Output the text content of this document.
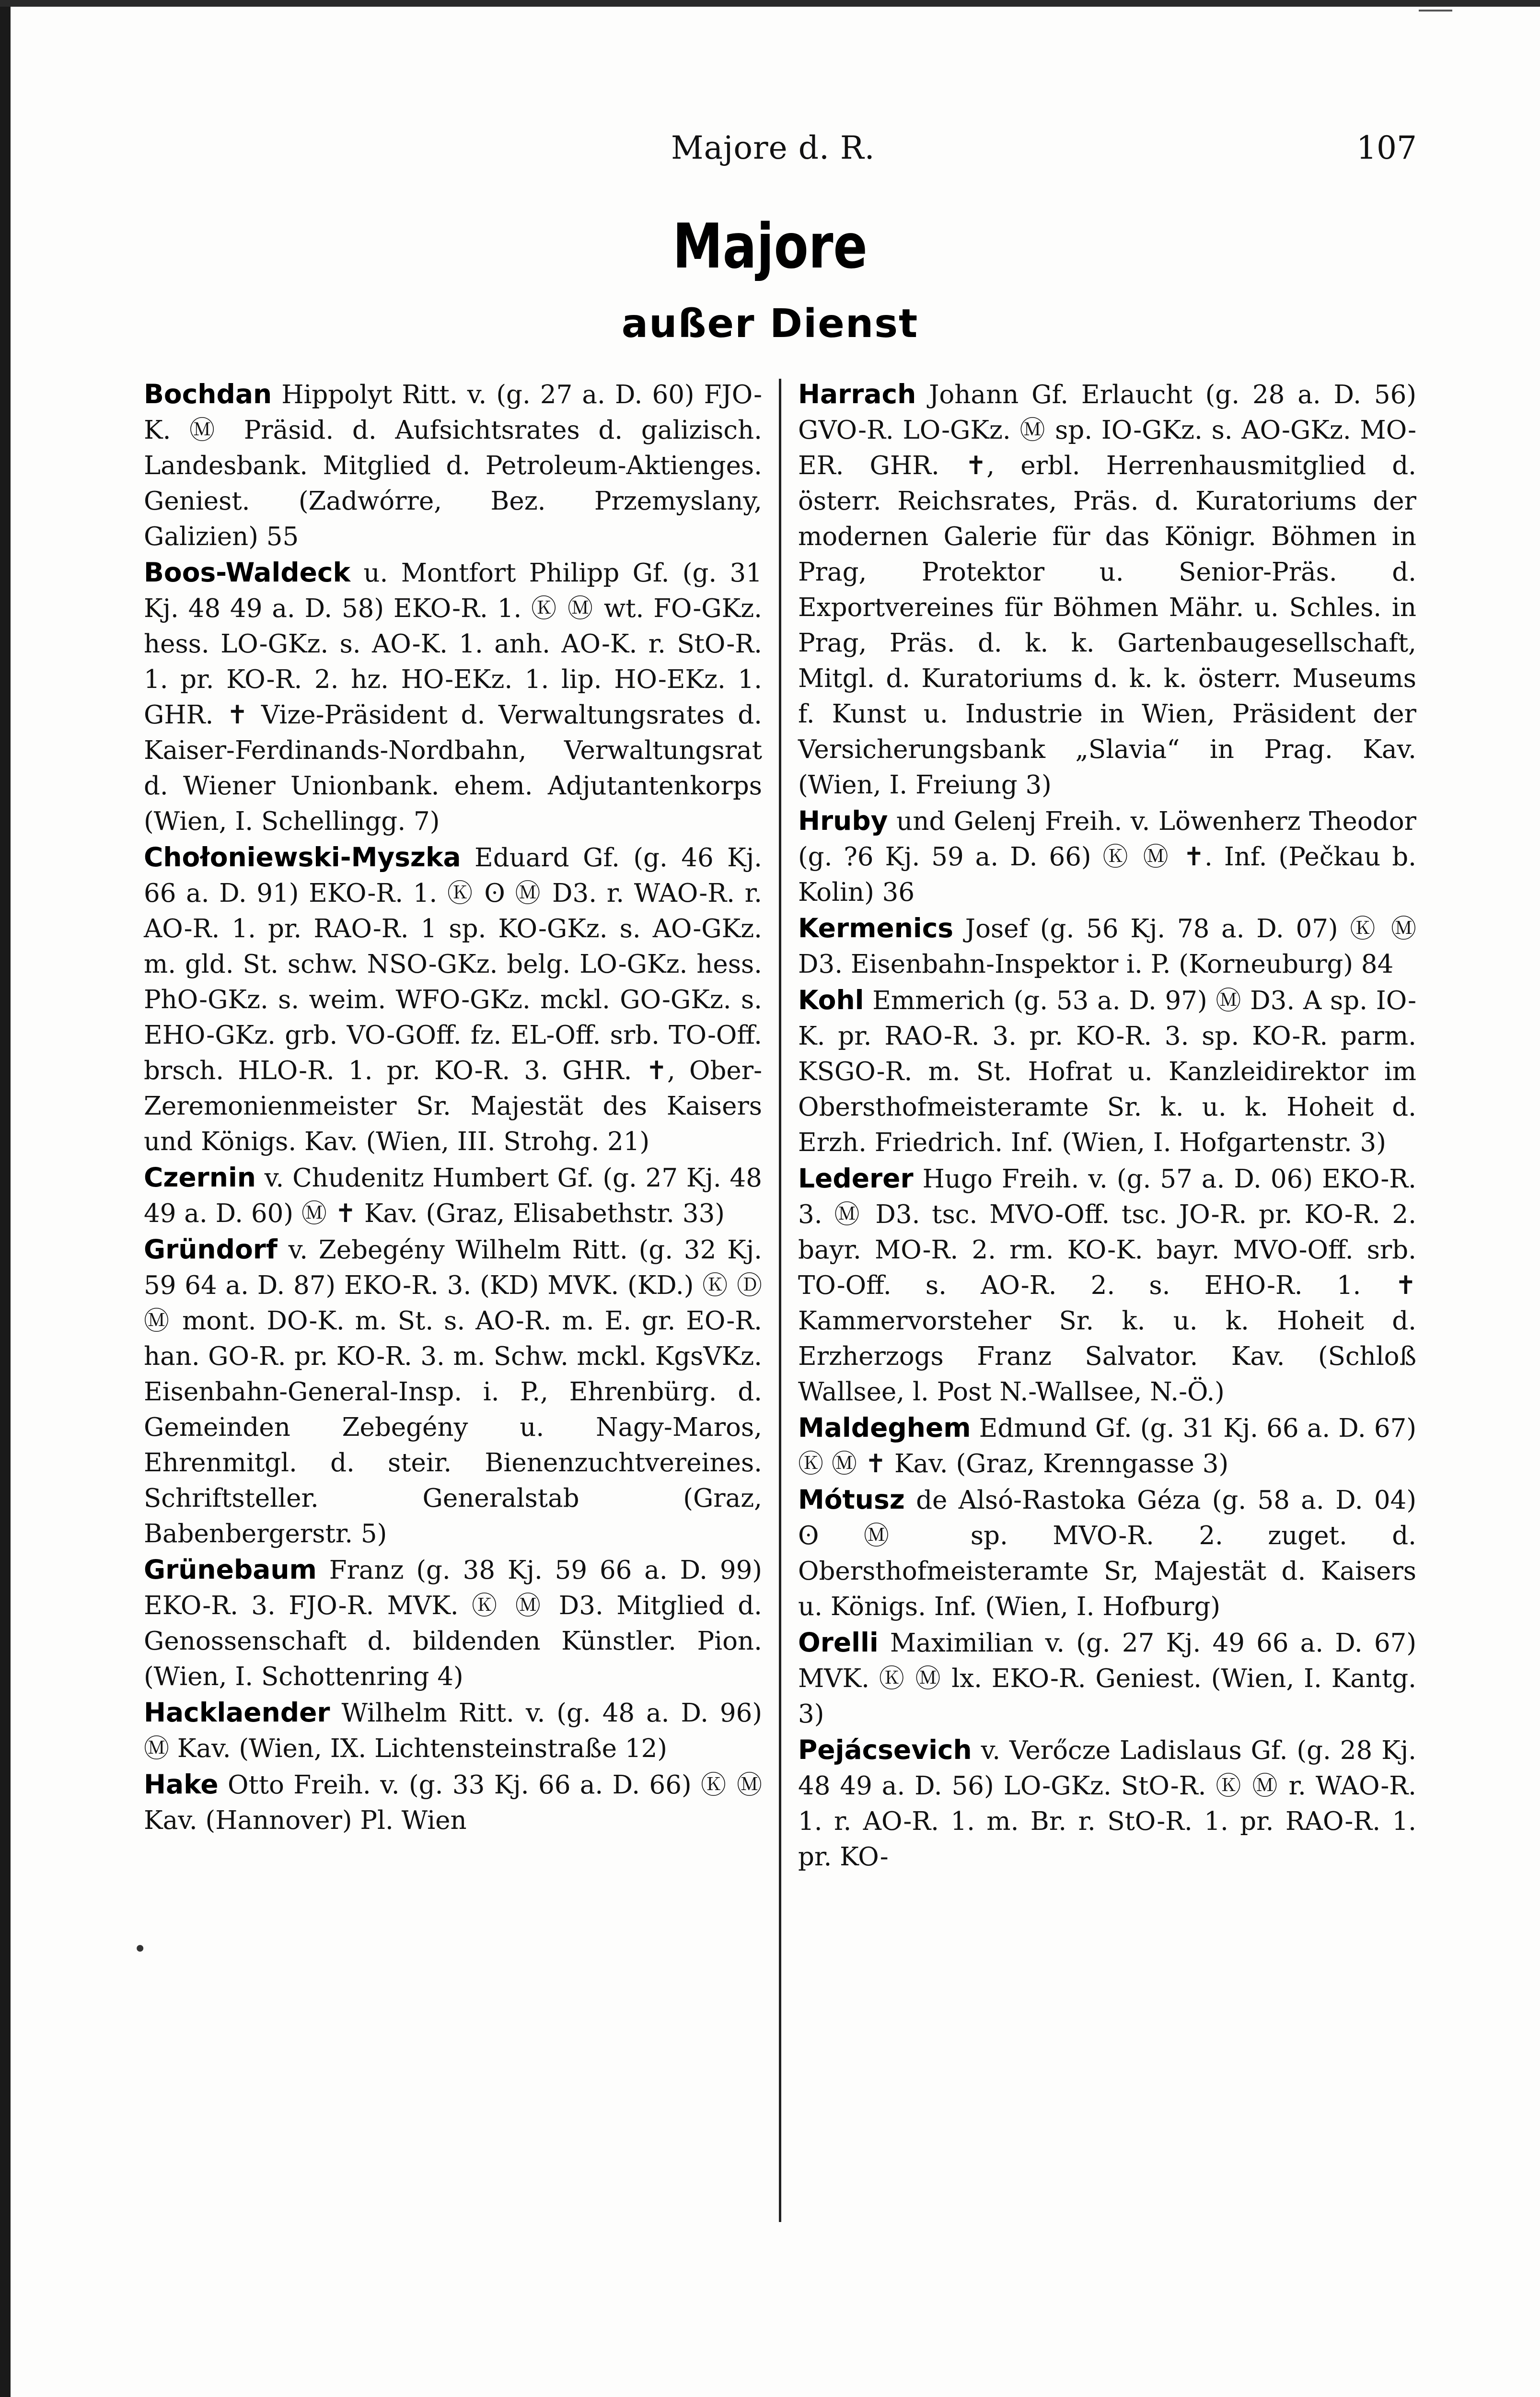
Majore d. R.	107
Majore
außer Dienst

Bochdan Hippolyt Ritt. v. (g. 27 a. D. 60) FJO-K. Ⓜ Präsid. d. Aufsichtsrates d. galizisch. Landesbank. Mitglied d. Petroleum-Aktienges. Geniest. (Zadwórre, Bez. Przemyslany, Galizien) 55

Boos-Waldeck u. Montfort Philipp Gf. (g. 31 Kj. 48 49 a. D. 58) EKO-R. 1. Ⓚ Ⓜ wt. FO-GKz. hess. LO-GKz. s. AO-K. 1. anh. AO-K. r. StO-R. 1. pr. KO-R. 2. hz. HO-EKz. 1. lip. HO-EKz. 1. GHR. ✝ Vize-Präsident d. Verwaltungsrates d. Kaiser-Ferdinands-Nordbahn, Verwaltungsrat d. Wiener Unionbank. ehem. Adjutantenkorps (Wien, I. Schellingg. 7)

Chołoniewski-Myszka Eduard Gf. (g. 46 Kj. 66 a. D. 91) EKO-R. 1. Ⓚ ʘ Ⓜ D3. r. WAO-R. r. AO-R. 1. pr. RAO-R. 1 sp. KO-GKz. s. AO-GKz. m. gld. St. schw. NSO-GKz. belg. LO-GKz. hess. PhO-GKz. s. weim. WFO-GKz. mckl. GO-GKz. s. EHO-GKz. grb. VO-GOff. fz. EL-Off. srb. TO-Off. brsch. HLO-R. 1. pr. KO-R. 3. GHR. ✝, Ober-Zeremonienmeister Sr. Majestät des Kaisers und Königs. Kav. (Wien, III. Strohg. 21)

Czernin v. Chudenitz Humbert Gf. (g. 27 Kj. 48 49 a. D. 60) Ⓜ ✝ Kav. (Graz, Elisabethstr. 33)

Gründorf v. Zebegény Wilhelm Ritt. (g. 32 Kj. 59 64 a. D. 87) EKO-R. 3. (KD) MVK. (KD.) Ⓚ Ⓓ Ⓜ mont. DO-K. m. St. s. AO-R. m. E. gr. EO-R. han. GO-R. pr. KO-R. 3. m. Schw. mckl. KgsVKz. Eisenbahn-General-Insp. i. P., Ehrenbürg. d. Gemeinden Zebegény u. Nagy-Maros, Ehrenmitgl. d. steir. Bienenzuchtvereines. Schriftsteller. Generalstab (Graz, Babenbergerstr. 5)

Grünebaum Franz (g. 38 Kj. 59 66 a. D. 99) EKO-R. 3. FJO-R. MVK. Ⓚ Ⓜ D3. Mitglied d. Genossenschaft d. bildenden Künstler. Pion. (Wien, I. Schottenring 4)

Hacklaender Wilhelm Ritt. v. (g. 48 a. D. 96) Ⓜ Kav. (Wien, IX. Lichtensteinstraße 12)

Hake Otto Freih. v. (g. 33 Kj. 66 a. D. 66) Ⓚ Ⓜ Kav. (Hannover) Pl. Wien

Harrach Johann Gf. Erlaucht (g. 28 a. D. 56) GVO-R. LO-GKz. Ⓜ sp. IO-GKz. s. AO-GKz. MO-ER. GHR. ✝, erbl. Herrenhausmitglied d. österr. Reichsrates, Präs. d. Kuratoriums der modernen Galerie für das Königr. Böhmen in Prag, Protektor u. Senior-Präs. d. Exportvereines für Böhmen Mähr. u. Schles. in Prag, Präs. d. k. k. Gartenbaugesellschaft, Mitgl. d. Kuratoriums d. k. k. österr. Museums f. Kunst u. Industrie in Wien, Präsident der Versicherungsbank „Slavia“ in Prag. Kav. (Wien, I. Freiung 3)

Hruby und Gelenj Freih. v. Löwenherz Theodor (g. ?6 Kj. 59 a. D. 66) Ⓚ Ⓜ ✝. Inf. (Pečkau b. Kolin) 36

Kermenics Josef (g. 56 Kj. 78 a. D. 07) Ⓚ Ⓜ D3. Eisenbahn-Inspektor i. P. (Korneuburg) 84

Kohl Emmerich (g. 53 a. D. 97) Ⓜ D3. A sp. IO-K. pr. RAO-R. 3. pr. KO-R. 3. sp. KO-R. parm. KSGO-R. m. St. Hofrat u. Kanzleidirektor im Obersthofmeisteramte Sr. k. u. k. Hoheit d. Erzh. Friedrich. Inf. (Wien, I. Hofgartenstr. 3)

Lederer Hugo Freih. v. (g. 57 a. D. 06) EKO-R. 3. Ⓜ D3. tsc. MVO-Off. tsc. JO-R. pr. KO-R. 2. bayr. MO-R. 2. rm. KO-K. bayr. MVO-Off. srb. TO-Off. s. AO-R. 2. s. EHO-R. 1. ✝ Kammervorsteher Sr. k. u. k. Hoheit d. Erzherzogs Franz Salvator. Kav. (Schloß Wallsee, l. Post N.-Wallsee, N.-Ö.)

Maldeghem Edmund Gf. (g. 31 Kj. 66 a. D. 67) Ⓚ Ⓜ ✝ Kav. (Graz, Krenngasse 3)

Mótusz de Alsó-Rastoka Géza (g. 58 a. D. 04) ʘ Ⓜ sp. MVO-R. 2. zuget. d. Obersthofmeisteramte Sr, Majestät d. Kaisers u. Königs. Inf. (Wien, I. Hofburg)

Orelli Maximilian v. (g. 27 Kj. 49 66 a. D. 67) MVK. Ⓚ Ⓜ lx. EKO-R. Geniest. (Wien, I. Kantg. 3)

Pejácsevich v. Verőcze Ladislaus Gf. (g. 28 Kj. 48 49 a. D. 56) LO-GKz. StO-R. Ⓚ Ⓜ r. WAO-R. 1. r. AO-R. 1. m. Br. r. StO-R. 1. pr. RAO-R. 1. pr. KO-

•
